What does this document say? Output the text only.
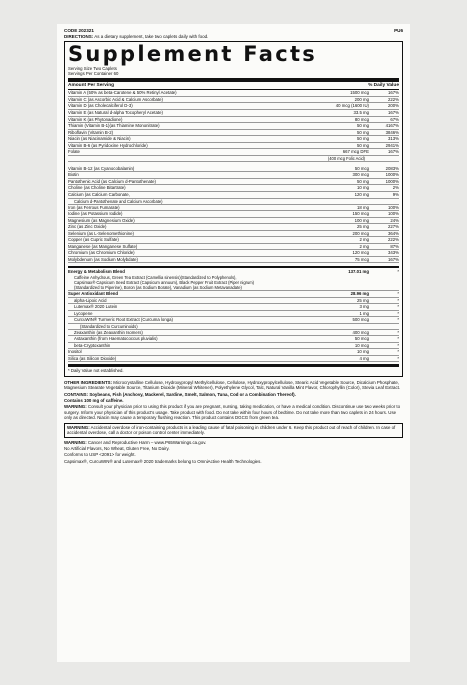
CODE 202321	PU6
DIRECTIONS: As a dietary supplement, take two caplets daily with food.
Supplement Facts
Serving Size Two Caplets
Servings Per Container 60
Amount Per Serving	% Daily Value
Vitamin A (50% as beta-Carotene & 50% Retinyl Acetate)	1500 mcg	167%
Vitamin C (as Ascorbic Acid & Calcium Ascorbate)	200 mg	222%
Vitamin D (as Cholecalciferol D-3)	40 mcg (1600 IU)	200%
Vitamin E (as Natural d-alpha Tocopheryl Acetate)	33.5 mg	167%
Vitamin K (as Phytonadione)	80 mcg	67%
Thiamin (Vitamin B-1)(as Thiamine Mononitrate)	50 mg	4167%
Riboflavin (Vitamin B-2)	50 mg	3846%
Niacin (as Niacinamide & Niacin)	50 mg	313%
Vitamin B-6 (as Pyridoxine Hydrochloride)	50 mg	2941%
Folate	667 mcg DFE	167%
(400 mcg Folic Acid)
Vitamin B-12 (as Cyanocobalamin)	50 mcg	2083%
Biotin	300 mcg	1000%
Pantothenic Acid (as Calcium d-Pantothenate)	50 mg	1000%
Choline (as Choline Bitartrate)	10 mg	2%
Calcium (as Calcium Carbonate,	120 mg	9%
Calcium d-Pantothenate and Calcium Ascorbate)
Iron (as Ferrous Fumarate)	18 mg	100%
Iodine (as Potassium Iodide)	150 mcg	100%
Magnesium (as Magnesium Oxide)	100 mg	24%
Zinc (as Zinc Oxide)	25 mg	227%
Selenium (as L-Selenomethionine)	200 mcg	364%
Copper (as Cupric Sulfate)	2 mg	222%
Manganese (as Manganese Sulfate)	2 mg	87%
Chromium (as Chromium Chloride)	120 mcg	343%
Molybdenum (as Sodium Molybdate)	75 mcg	167%
Energy & Metabolism Blend	137.01 mg	*
Caffeine Anhydrous, Green Tea Extract (Camellia sinensis)(Standardized to Polyphenols),
Capsimax® Capsicum Seed Extract (Capsicum annuum), Black Pepper Fruit Extract (Piper nigrum)
(Standardized to Piperine), Boron (as Sodium Borate), Vanadium (as Sodium Metavanadate)
Super Antioxidant Blend	28.96 mg	*
alpha-Lipoic Acid	25 mg	*
Lutemax® 2020 Lutein	3 mg	*
Lycopene	1 mg	*
CurcuWIN® Turmeric Root Extract (Curcuma longa)	500 mcg	*
(Standardized to Curcuminoids)
Zeaxanthin (as Zeaxanthin Isomers)	400 mcg	*
Astaxanthin (from Haematococcus pluvialis)	50 mcg	*
beta-Cryptoxanthin	10 mcg	*
Inositol	10 mg	*
Silica (as Silicon Dioxide)	4 mg	*
* Daily Value not established.
OTHER INGREDIENTS: Microcrystalline Cellulose, Hydroxypropyl Methylcellulose, Cellulose, Hydroxypropylcellulose, Stearic Acid Vegetable Source, Dicalcium Phosphate, Magnesium Stearate Vegetable Source, Titanium Dioxide (Mineral Whitener), Polyethylene Glycol, Talc, Natural Vanilla Mint Flavor, Chlorophyllin (Color), Stevia Leaf Extract.
CONTAINS: Soybeans, Fish (Anchovy, Mackerel, Sardine, Smelt, Salmon, Tuna, Cod or a Combination Thereof).
Contains 100 mg of caffeine.
WARNING: Consult your physician prior to using this product if you are pregnant, nursing, taking medication, or have a medical condition. Discontinue use two weeks prior to surgery. Inform your physician of this product's usage. Take product with food. Do not take within four hours of bedtime. Do not take more than two caplets in 24 hours. Use only as directed. Niacin may cause a temporary flushing reaction. This product contains DGCG from green tea.
WARNING: Accidental overdose of iron-containing products is a leading cause of fatal poisoning in children under 6. Keep this product out of reach of children. In case of accidental overdose, call a doctor or poison control center immediately.
WARNING: Cancer and Reproductive Harm – www.P65Warnings.ca.gov.
No Artificial Flavors, No Wheat, Gluten Free, No Dairy.
Conforms to USP <2091> for weight.
Capsimax®, CurcuWIN® and Lutemax® 2020 trademarks belong to OmniActive Health Technologies.
